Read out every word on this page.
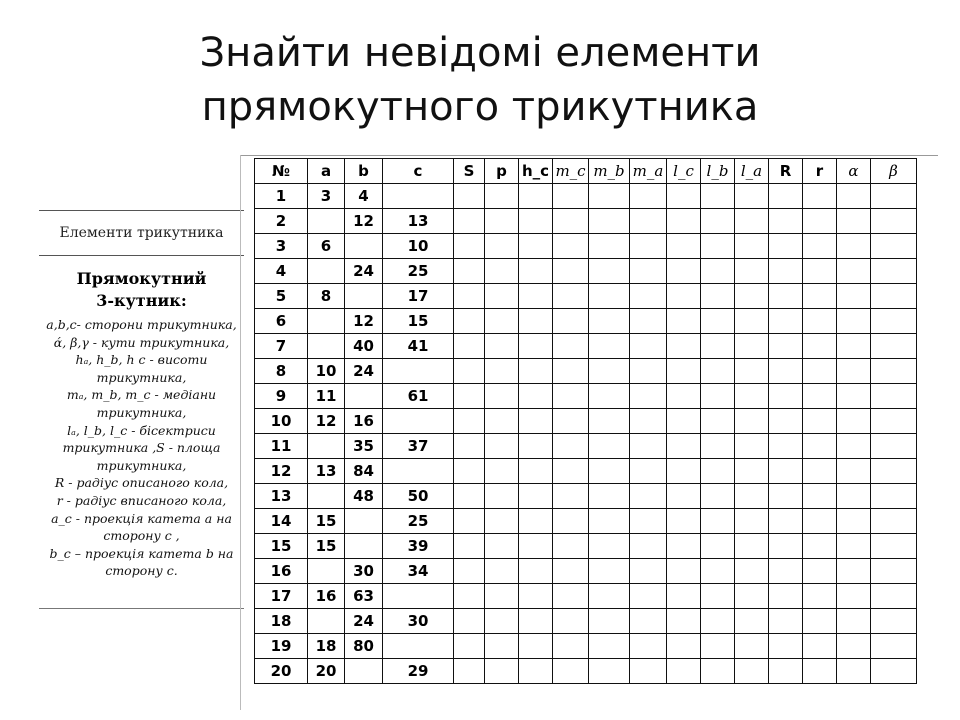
Знайти невідомі елементи
прямокутного трикутника
Елементи трикутника
Прямокутний
3-кутник:
a,b,c- сторони трикутника,
ά, β,γ - кути трикутника,
hₐ, h_b, h c - висоти
трикутника,
mₐ, m_b, m_c - медіани
трикутника,
lₐ, l_b, l_c - бісектриси
трикутника ,S - площа
трикутника,
R - радіус описаного кола,
r - радіус вписаного кола,
a_c - проекція катета а на
сторону с ,
b_c – проекція катета b на
сторону с.
№	a	b	c	S	p	h_c	m_c	m_b	m_a	l_c	l_b	l_a	R	r	α	β
1	3	4														
2		12	13													
3	6		10													
4		24	25													
5	8		17													
6		12	15													
7		40	41													
8	10	24														
9	11		61													
10	12	16														
11		35	37													
12	13	84														
13		48	50													
14	15		25													
15	15		39													
16		30	34													
17	16	63														
18		24	30													
19	18	80														
20	20		29													
